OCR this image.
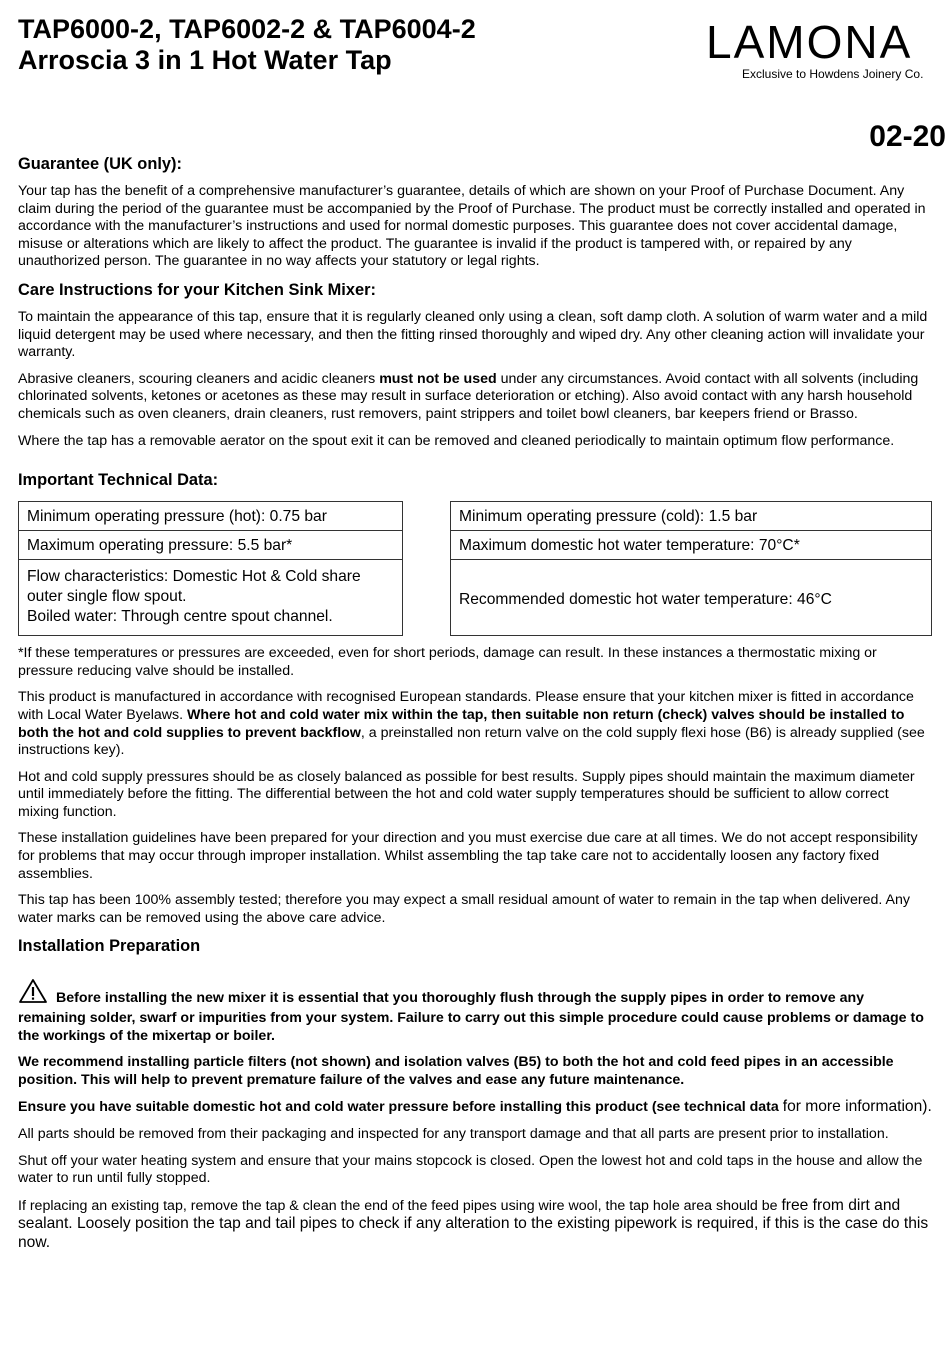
TAP6000-2, TAP6002-2 & TAP6004-2
Arroscia 3 in 1 Hot Water Tap	LAMONA
Exclusive to Howdens Joinery Co.
02-20
Guarantee (UK only):

Your tap has the benefit of a comprehensive manufacturer’s guarantee, details of which are shown on your Proof of Purchase Document. Any claim during the period of the guarantee must be accompanied by the Proof of Purchase. The product must be correctly installed and operated in accordance with the manufacturer’s instructions and used for normal domestic purposes. This guarantee does not cover accidental damage, misuse or alterations which are likely to affect the product. The guarantee is invalid if the product is tampered with, or repaired by any unauthorized person. The guarantee in no way affects your statutory or legal rights.

Care Instructions for your Kitchen Sink Mixer:

To maintain the appearance of this tap, ensure that it is regularly cleaned only using a clean, soft damp cloth. A solution of warm water and a mild liquid detergent may be used where necessary, and then the fitting rinsed thoroughly and wiped dry. Any other cleaning action will invalidate your warranty.

Abrasive cleaners, scouring cleaners and acidic cleaners must not be used under any circumstances. Avoid contact with all solvents (including chlorinated solvents, ketones or acetones as these may result in surface deterioration or etching). Also avoid contact with any harsh household chemicals such as oven cleaners, drain cleaners, rust removers, paint strippers and toilet bowl cleaners, bar keepers friend or Brasso.

Where the tap has a removable aerator on the spout exit it can be removed and cleaned periodically to maintain optimum flow performance.

Important Technical Data:
Minimum operating pressure (hot): 0.75 bar
Maximum operating pressure: 5.5 bar*
Flow characteristics: Domestic Hot & Cold share outer single flow spout.
Boiled water: Through centre spout channel.
Minimum operating pressure (cold): 1.5 bar
Maximum domestic hot water temperature: 70°C*
Recommended domestic hot water temperature: 46°C

*If these temperatures or pressures are exceeded, even for short periods, damage can result. In these instances a thermostatic mixing or pressure reducing valve should be installed.

This product is manufactured in accordance with recognised European standards. Please ensure that your kitchen mixer is fitted in accordance with Local Water Byelaws. Where hot and cold water mix within the tap, then suitable non return (check) valves should be installed to both the hot and cold supplies to prevent backflow, a preinstalled non return valve on the cold supply flexi hose (B6) is already supplied (see instructions key).

Hot and cold supply pressures should be as closely balanced as possible for best results. Supply pipes should maintain the maximum diameter until immediately before the fitting. The differential between the hot and cold water supply temperatures should be sufficient to allow correct mixing function.

These installation guidelines have been prepared for your direction and you must exercise due care at all times. We do not accept responsibility for problems that may occur through improper installation. Whilst assembling the tap take care not to accidentally loosen any factory fixed assemblies.

This tap has been 100% assembly tested; therefore you may expect a small residual amount of water to remain in the tap when delivered. Any water marks can be removed using the above care advice.

Installation Preparation

Before installing the new mixer it is essential that you thoroughly flush through the supply pipes in order to remove any remaining solder, swarf or impurities from your system. Failure to carry out this simple procedure could cause problems or damage to the workings of the mixertap or boiler.

We recommend installing particle filters (not shown) and isolation valves (B5) to both the hot and cold feed pipes in an accessible position. This will help to prevent premature failure of the valves and ease any future maintenance.

Ensure you have suitable domestic hot and cold water pressure before installing this product (see technical data for more information).

All parts should be removed from their packaging and inspected for any transport damage and that all parts are present prior to installation.

Shut off your water heating system and ensure that your mains stopcock is closed. Open the lowest hot and cold taps in the house and allow the water to run until fully stopped.

If replacing an existing tap, remove the tap & clean the end of the feed pipes using wire wool, the tap hole area should be free from dirt and sealant. Loosely position the tap and tail pipes to check if any alteration to the existing pipework is required, if this is the case do this now.
